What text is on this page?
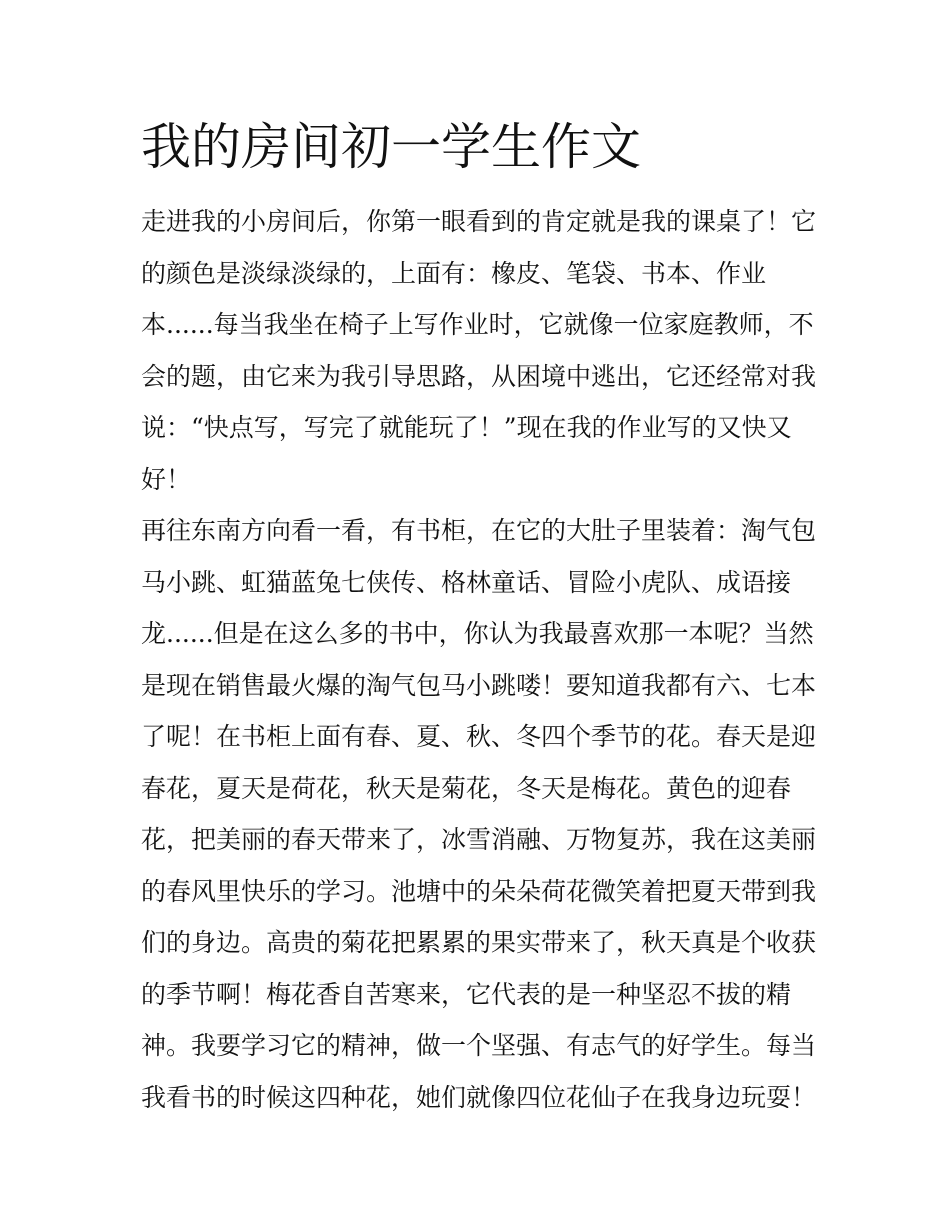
我的房间初一学生作文
走进我的小房间后，你第一眼看到的肯定就是我的课桌了！它
的颜色是淡绿淡绿的，上面有：橡皮、笔袋、书本、作业
本......每当我坐在椅子上写作业时，它就像一位家庭教师，不
会的题，由它来为我引导思路，从困境中逃出，它还经常对我
说：“快点写，写完了就能玩了！”现在我的作业写的又快又
好！
再往东南方向看一看，有书柜，在它的大肚子里装着：淘气包
马小跳、虹猫蓝兔七侠传、格林童话、冒险小虎队、成语接
龙......但是在这么多的书中，你认为我最喜欢那一本呢？当然
是现在销售最火爆的淘气包马小跳喽！要知道我都有六、七本
了呢！在书柜上面有春、夏、秋、冬四个季节的花。春天是迎
春花，夏天是荷花，秋天是菊花，冬天是梅花。黄色的迎春
花，把美丽的春天带来了，冰雪消融、万物复苏，我在这美丽
的春风里快乐的学习。池塘中的朵朵荷花微笑着把夏天带到我
们的身边。高贵的菊花把累累的果实带来了，秋天真是个收获
的季节啊！梅花香自苦寒来，它代表的是一种坚忍不拔的精
神。我要学习它的精神，做一个坚强、有志气的好学生。每当
我看书的时候这四种花，她们就像四位花仙子在我身边玩耍！
